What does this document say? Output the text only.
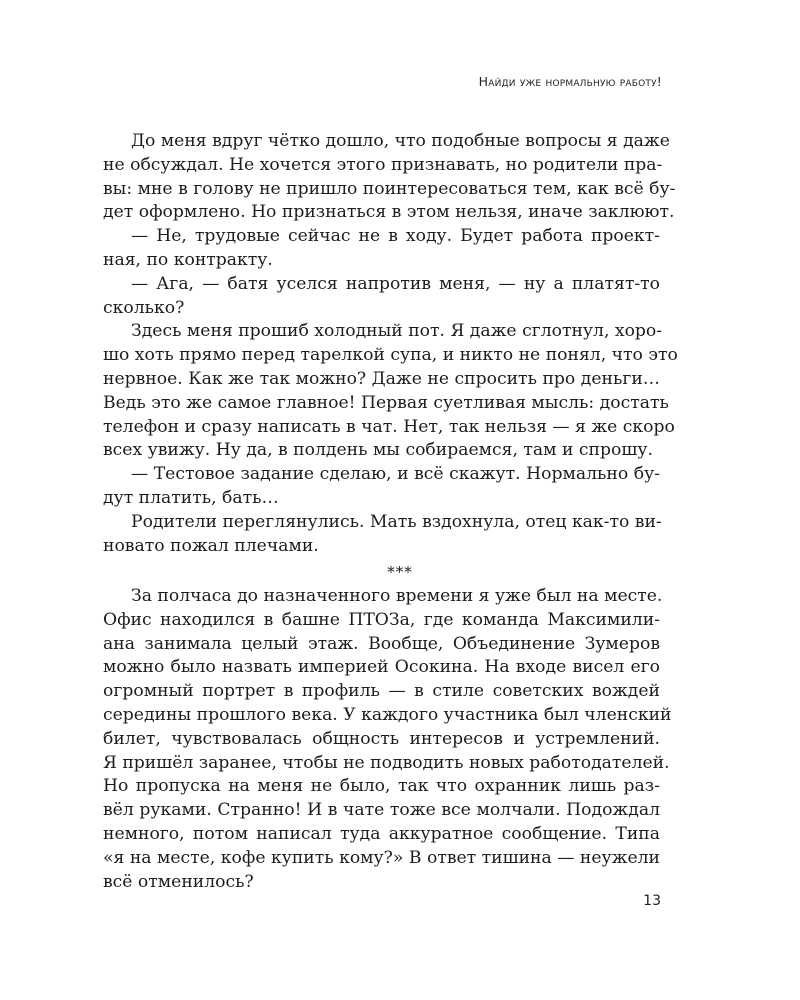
Найди уже нормальную работу!
До меня вдруг чётко дошло, что подобные вопросы я даже
не обсуждал. Не хочется этого признавать, но родители пра-
вы: мне в голову не пришло поинтересоваться тем, как всё бу-
дет оформлено. Но признаться в этом нельзя, иначе заклюют.
— Не, трудовые сейчас не в ходу. Будет работа проект-
ная, по контракту.
— Ага, — батя уселся напротив меня, — ну а платят-то
сколько?
Здесь меня прошиб холодный пот. Я даже сглотнул, хоро-
шо хоть прямо перед тарелкой супа, и никто не понял, что это
нервное. Как же так можно? Даже не спросить про деньги…
Ведь это же самое главное! Первая суетливая мысль: достать
телефон и сразу написать в чат. Нет, так нельзя — я же скоро
всех увижу. Ну да, в полдень мы собираемся, там и спрошу.
— Тестовое задание сделаю, и всё скажут. Нормально бу-
дут платить, бать…
Родители переглянулись. Мать вздохнула, отец как-то ви-
новато пожал плечами.
***
За полчаса до назначенного времени я уже был на месте.
Офис находился в башне ПТОЗа, где команда Максимили-
ана занимала целый этаж. Вообще, Объединение Зумеров
можно было назвать империей Осокина. На входе висел его
огромный портрет в профиль — в стиле советских вождей
середины прошлого века. У каждого участника был членский
билет, чувствовалась общность интересов и устремлений.
Я пришёл заранее, чтобы не подводить новых работодателей.
Но пропуска на меня не было, так что охранник лишь раз-
вёл руками. Странно! И в чате тоже все молчали. Подождал
немного, потом написал туда аккуратное сообщение. Типа
«я на месте, кофе купить кому?» В ответ тишина — неужели
всё отменилось?
13
